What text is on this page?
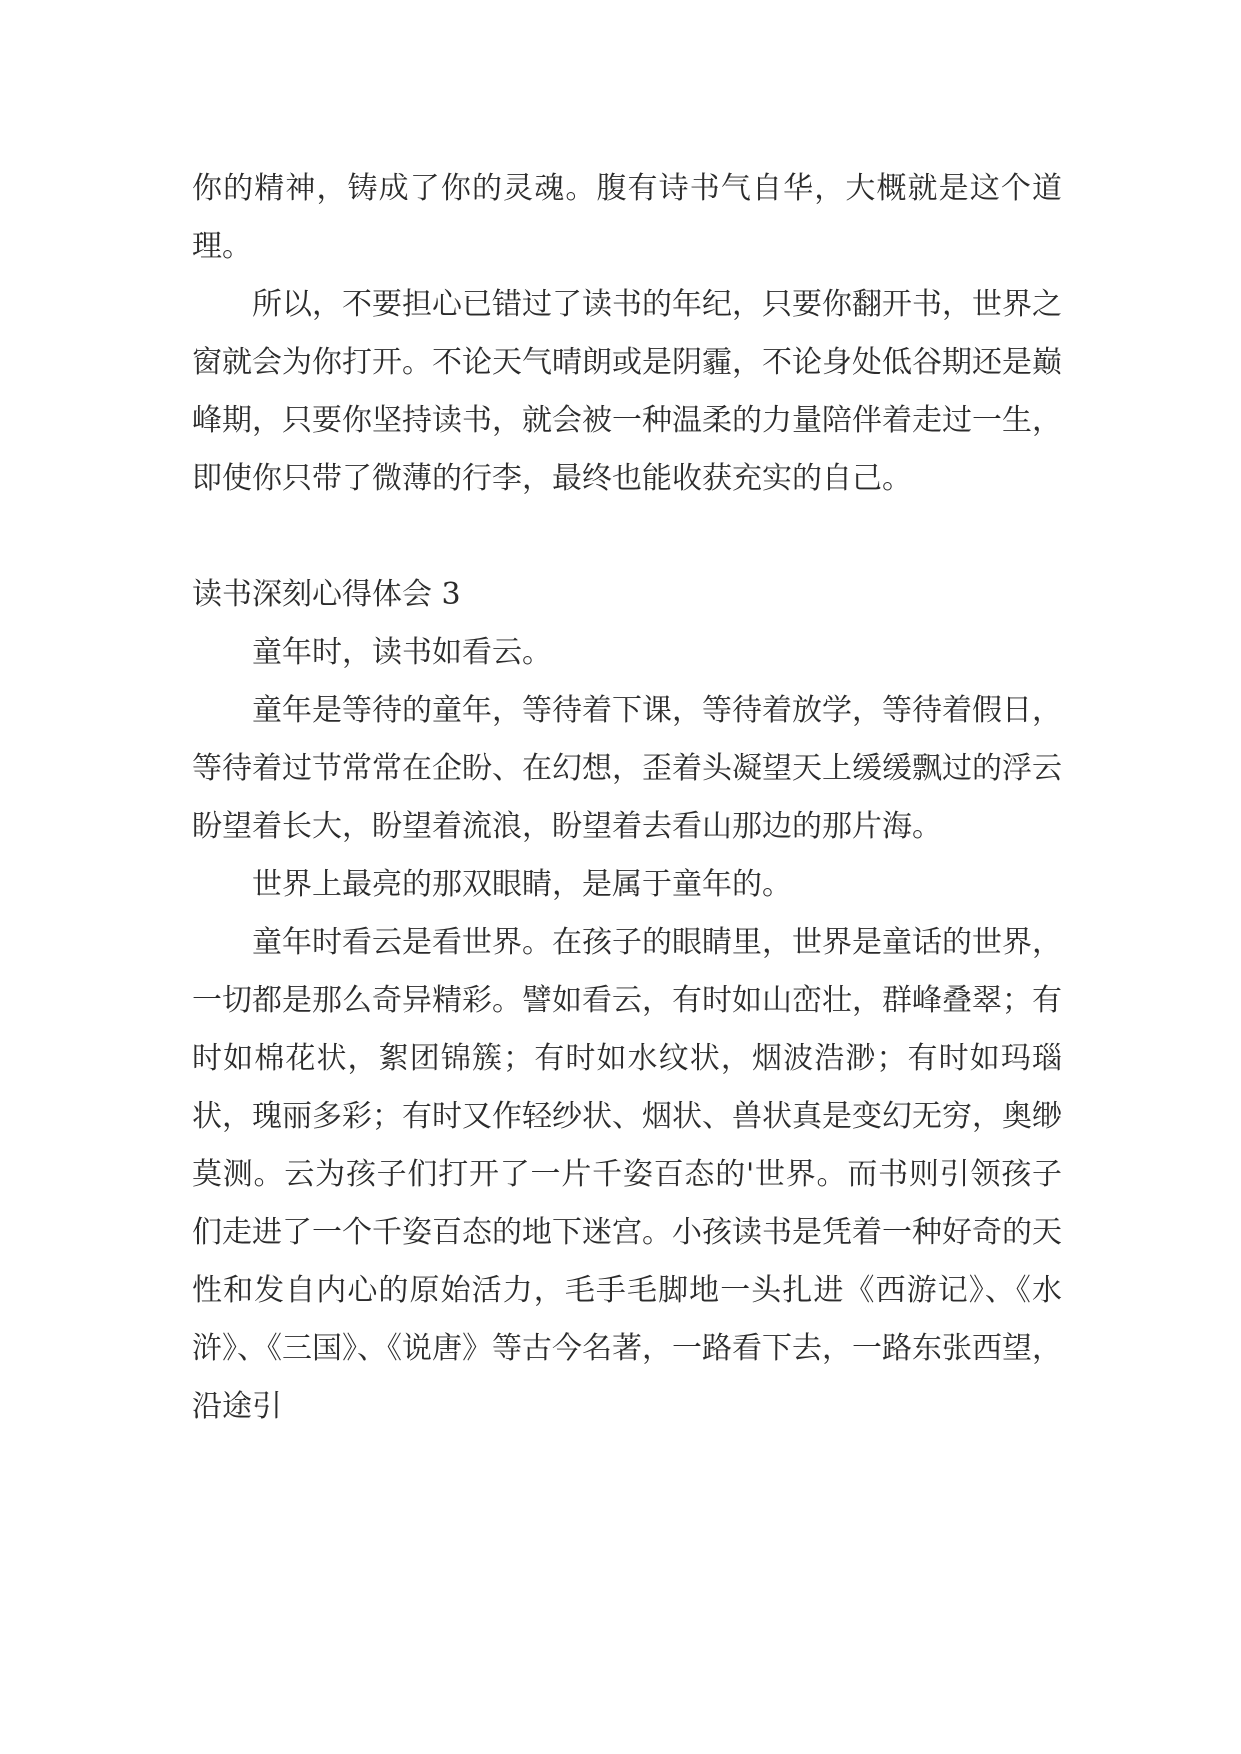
你的精神，铸成了你的灵魂。腹有诗书气自华，大概就是这个道理。

所以，不要担心已错过了读书的年纪，只要你翻开书，世界之窗就会为你打开。不论天气晴朗或是阴霾，不论身处低谷期还是巅峰期，只要你坚持读书，就会被一种温柔的力量陪伴着走过一生，即使你只带了微薄的行李，最终也能收获充实的自己。

读书深刻心得体会 3

童年时，读书如看云。

童年是等待的童年，等待着下课，等待着放学，等待着假日，等待着过节常常在企盼、在幻想，歪着头凝望天上缓缓飘过的浮云盼望着长大，盼望着流浪，盼望着去看山那边的那片海。

世界上最亮的那双眼睛，是属于童年的。

童年时看云是看世界。在孩子的眼睛里，世界是童话的世界，一切都是那么奇异精彩。譬如看云，有时如山峦壮，群峰叠翠；有时如棉花状，絮团锦簇；有时如水纹状，烟波浩渺；有时如玛瑙状，瑰丽多彩；有时又作轻纱状、烟状、兽状真是变幻无穷，奥缈莫测。云为孩子们打开了一片千姿百态的'世界。而书则引领孩子们走进了一个千姿百态的地下迷宫。小孩读书是凭着一种好奇的天性和发自内心的原始活力，毛手毛脚地一头扎进《西游记》、《水浒》、《三国》、《说唐》等古今名著，一路看下去，一路东张西望，沿途引
